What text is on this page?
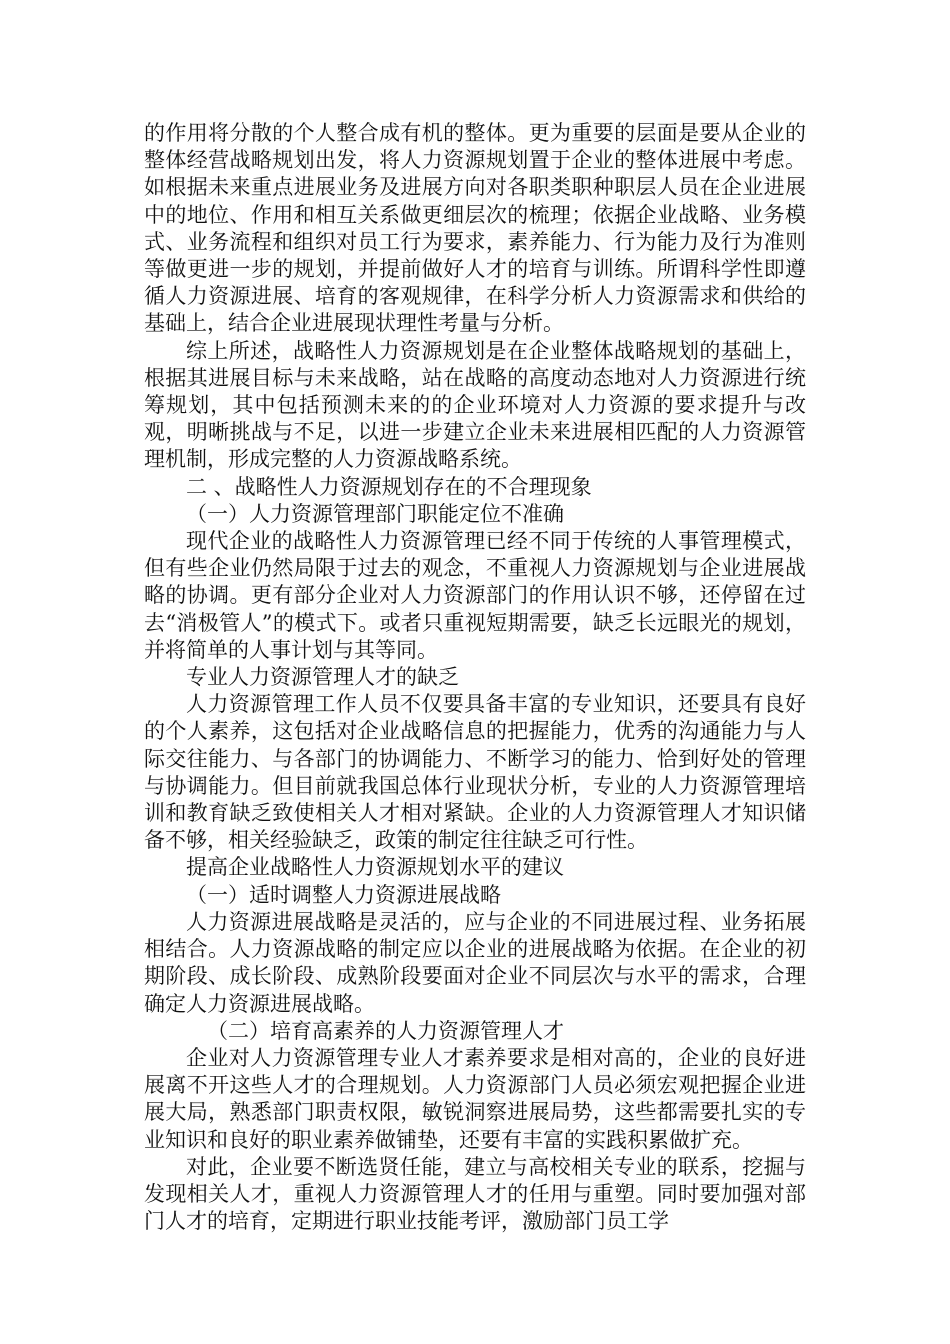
的作用将分散的个人整合成有机的整体。更为重要的层面是要从企业的整体经营战略规划出发，将人力资源规划置于企业的整体进展中考虑。如根据未来重点进展业务及进展方向对各职类职种职层人员在企业进展中的地位、作用和相互关系做更细层次的梳理；依据企业战略、业务模式、业务流程和组织对员工行为要求，素养能力、行为能力及行为准则等做更进一步的规划，并提前做好人才的培育与训练。所谓科学性即遵循人力资源进展、培育的客观规律，在科学分析人力资源需求和供给的基础上，结合企业进展现状理性考量与分析。

综上所述，战略性人力资源规划是在企业整体战略规划的基础上，根据其进展目标与未来战略，站在战略的高度动态地对人力资源进行统筹规划，其中包括预测未来的的企业环境对人力资源的要求提升与改观，明晰挑战与不足，以进一步建立企业未来进展相匹配的人力资源管理机制，形成完整的人力资源战略系统。

二 、战略性人力资源规划存在的不合理现象

（一）人力资源管理部门职能定位不准确

现代企业的战略性人力资源管理已经不同于传统的人事管理模式，但有些企业仍然局限于过去的观念，不重视人力资源规划与企业进展战略的协调。更有部分企业对人力资源部门的作用认识不够，还停留在过去“消极管人”的模式下。或者只重视短期需要，缺乏长远眼光的规划，并将简单的人事计划与其等同。

专业人力资源管理人才的缺乏

人力资源管理工作人员不仅要具备丰富的专业知识，还要具有良好的个人素养，这包括对企业战略信息的把握能力，优秀的沟通能力与人际交往能力、与各部门的协调能力、不断学习的能力、恰到好处的管理与协调能力。但目前就我国总体行业现状分析，专业的人力资源管理培训和教育缺乏致使相关人才相对紧缺。企业的人力资源管理人才知识储备不够，相关经验缺乏，政策的制定往往缺乏可行性。

提高企业战略性人力资源规划水平的建议

（一）适时调整人力资源进展战略

人力资源进展战略是灵活的，应与企业的不同进展过程、业务拓展相结合。人力资源战略的制定应以企业的进展战略为依据。在企业的初期阶段、成长阶段、成熟阶段要面对企业不同层次与水平的需求，合理确定人力资源进展战略。

（二）培育高素养的人力资源管理人才

企业对人力资源管理专业人才素养要求是相对高的，企业的良好进展离不开这些人才的合理规划。人力资源部门人员必须宏观把握企业进展大局，熟悉部门职责权限，敏锐洞察进展局势，这些都需要扎实的专业知识和良好的职业素养做铺垫，还要有丰富的实践积累做扩充。

对此，企业要不断选贤任能，建立与高校相关专业的联系，挖掘与发现相关人才，重视人力资源管理人才的任用与重塑。同时要加强对部门人才的培育，定期进行职业技能考评，激励部门员工学
